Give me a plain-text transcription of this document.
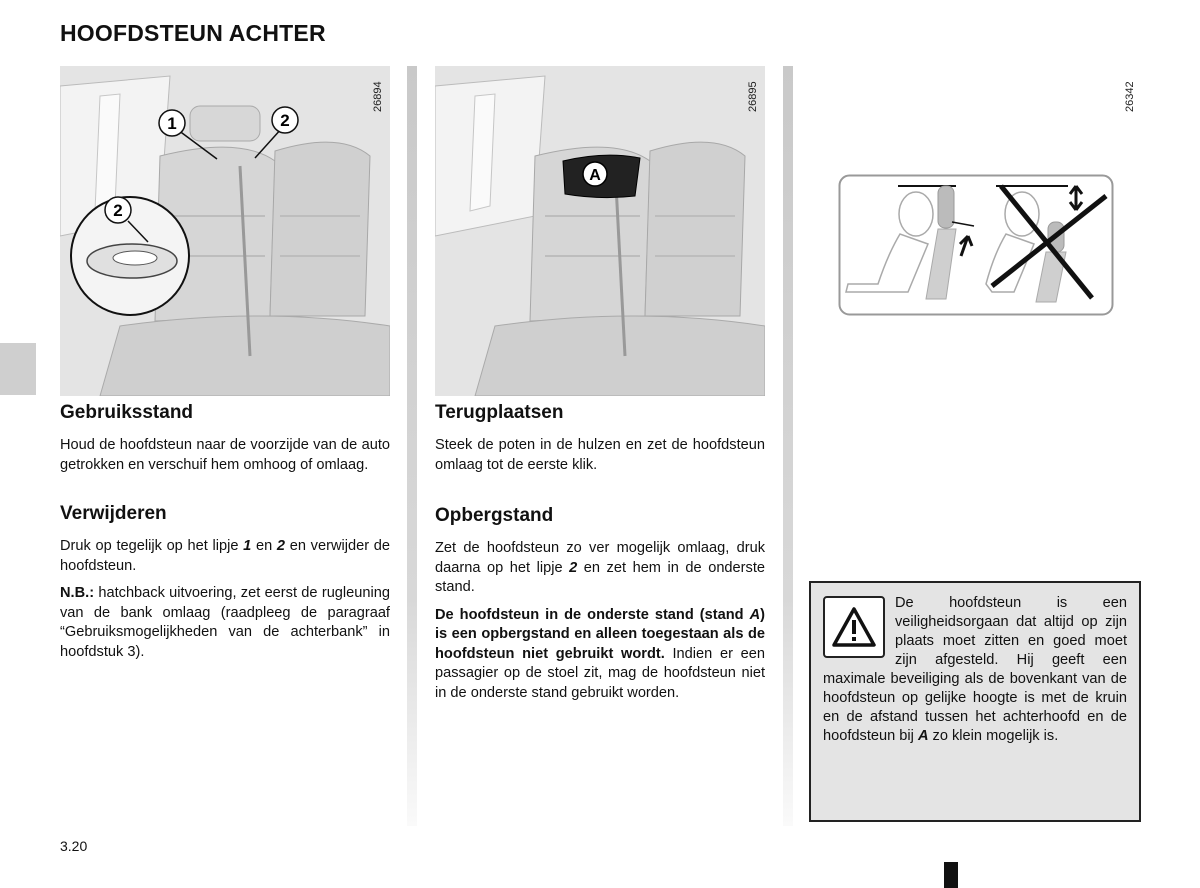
HOOFDSTEUN ACHTER
1	2
2
26894
A
26895	26342
Gebruiksstand

Houd de hoofdsteun naar de voorzijde van de auto getrokken en verschuif hem omhoog of omlaag.

Verwijderen

Druk op tegelijk op het lipje 1 en 2 en verwijder de hoofdsteun.

N.B.: hatchback uitvoering, zet eerst de rugleuning van de bank omlaag (raadpleeg de paragraaf “Gebruiksmogelijkheden van de achterbank” in hoofdstuk 3).

Terugplaatsen

Steek de poten in de hulzen en zet de hoofdsteun omlaag tot de eerste klik.

Opbergstand

Zet de hoofdsteun zo ver mogelijk omlaag, druk daarna op het lipje 2 en zet hem in de onderste stand.

De hoofdsteun in de onderste stand (stand A) is een opbergstand en alleen toegestaan als de hoofdsteun niet gebruikt wordt. Indien er een passagier op de stoel zit, mag de hoofdsteun niet in de onderste stand gebruikt worden.

De hoofdsteun is een veiligheidsorgaan dat altijd op zijn plaats moet zitten en goed moet zijn afgesteld. Hij geeft een maximale beveiliging als de bovenkant van de hoofdsteun op gelijke hoogte is met de kruin en de afstand tussen het achterhoofd en de hoofdsteun bij A zo klein mogelijk is.

3.20
